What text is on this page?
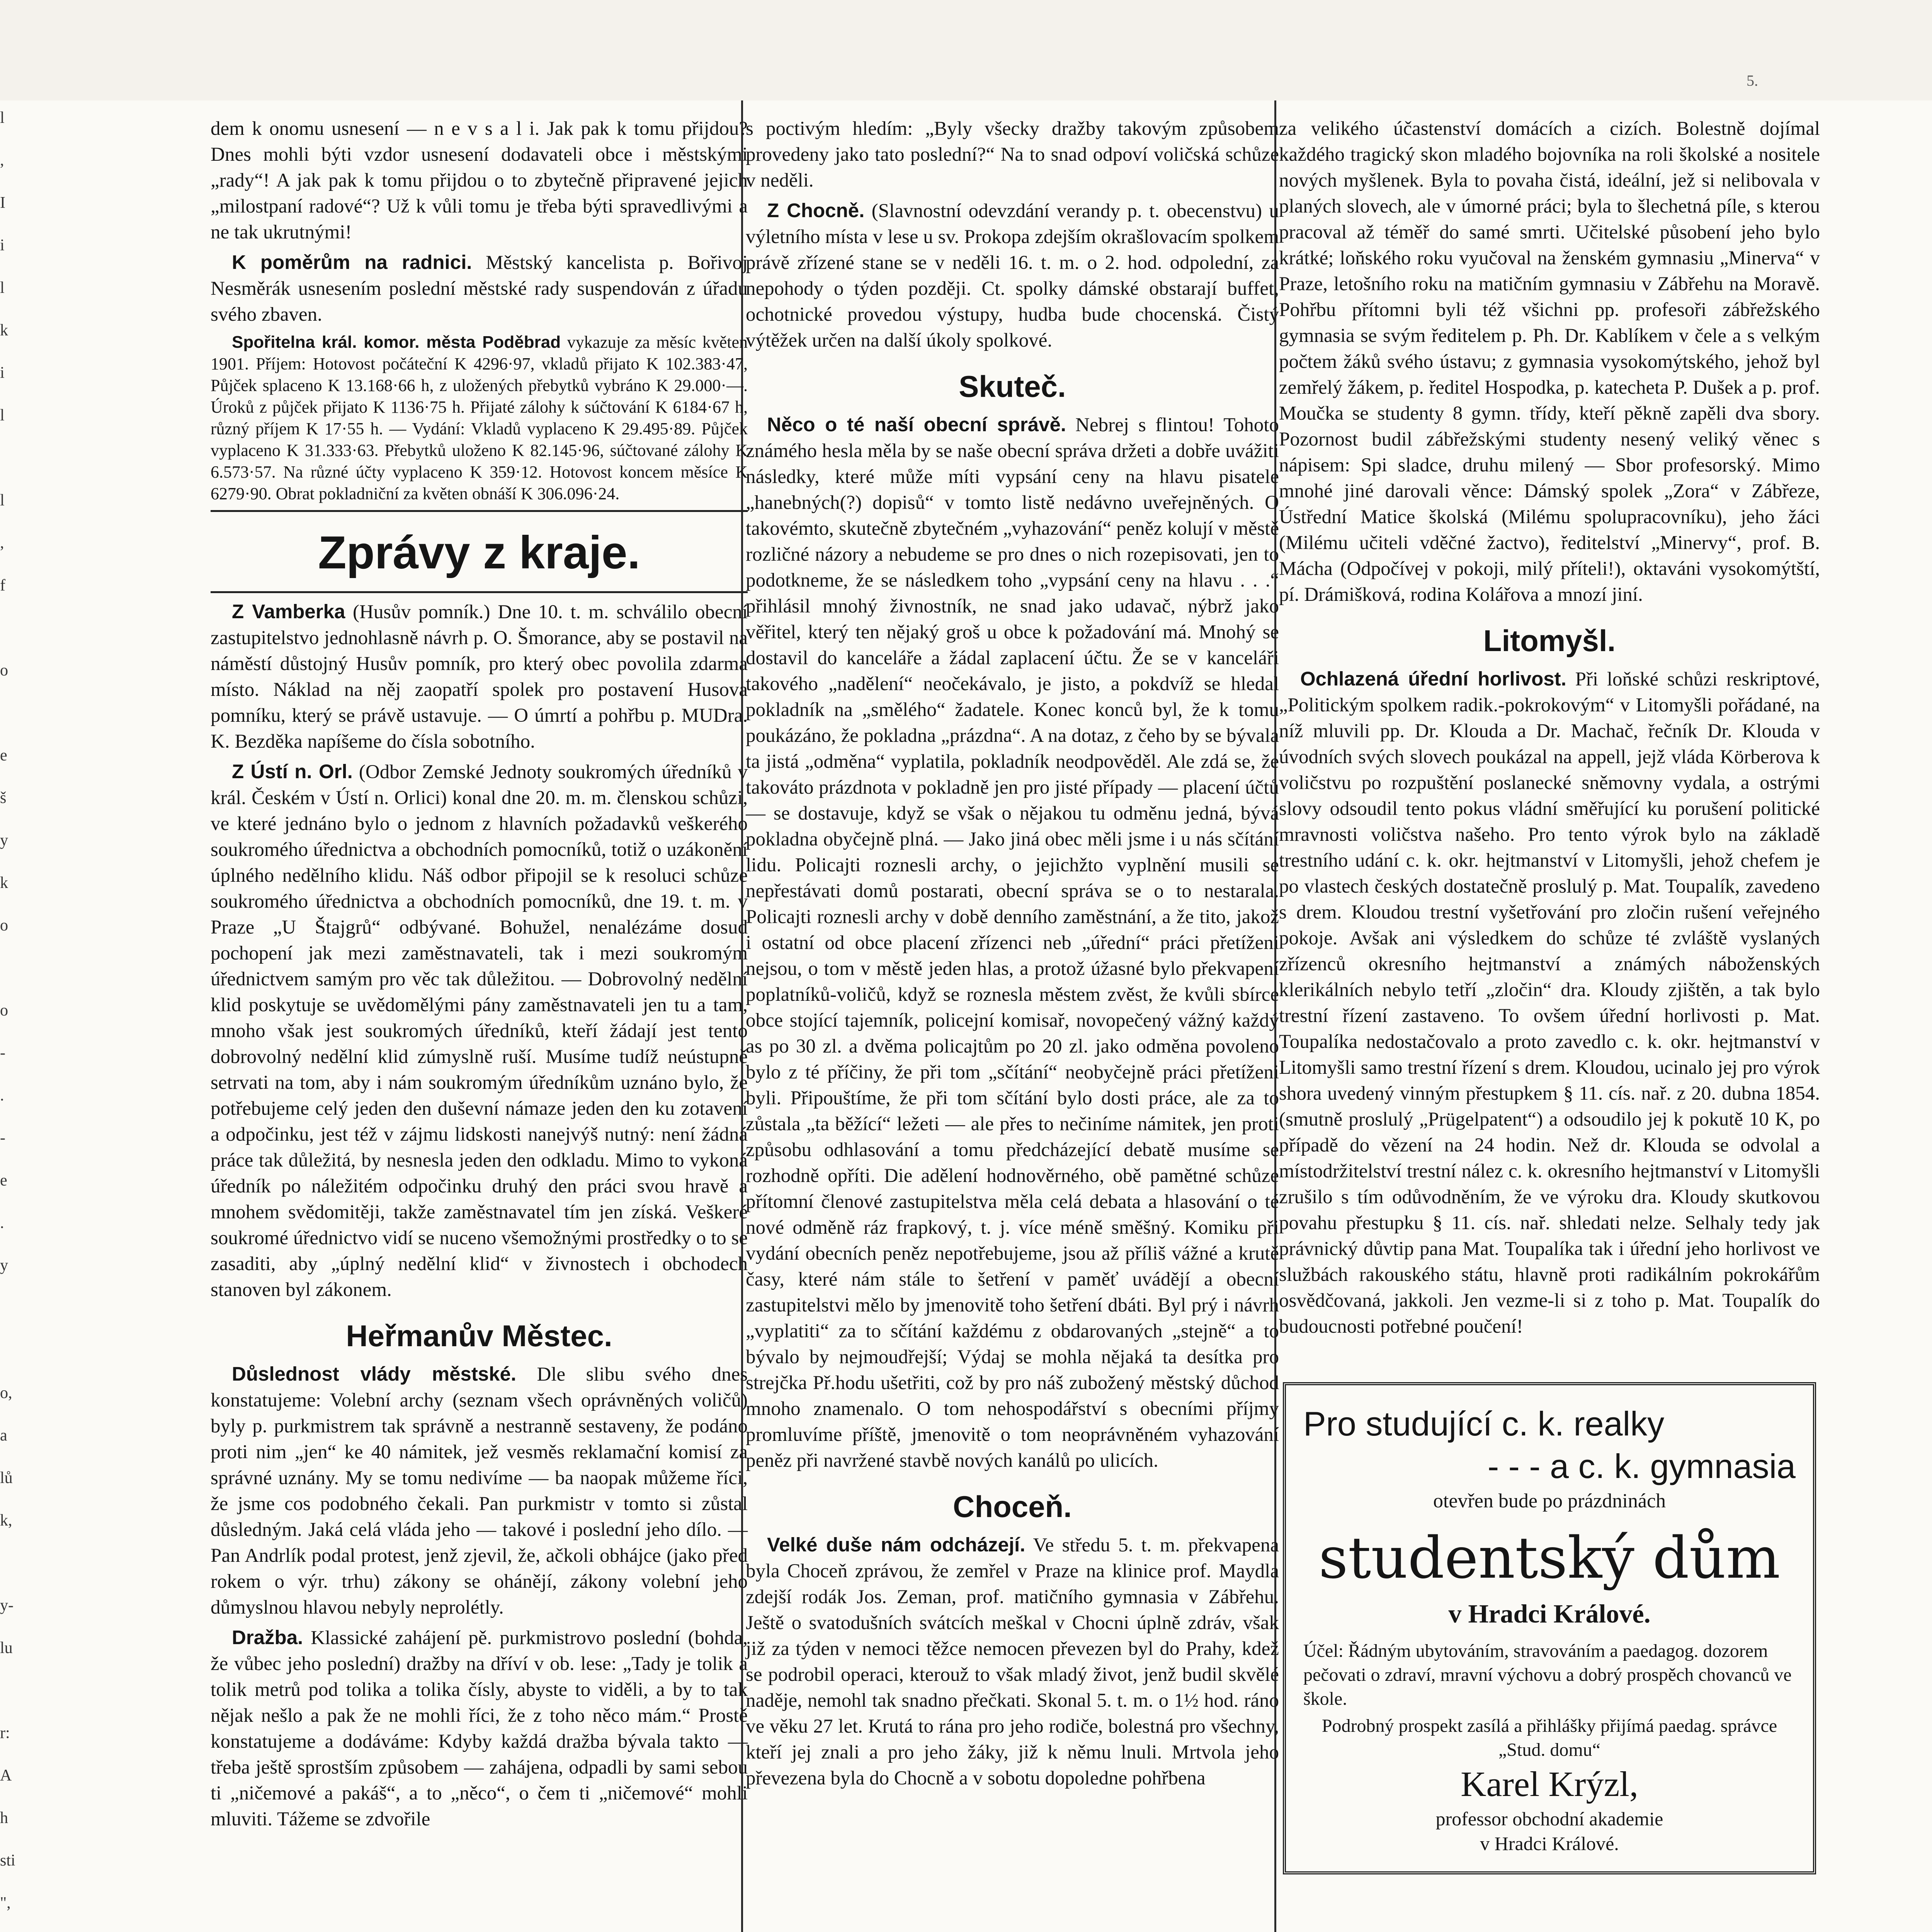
5.
l
,
I
i
l
k
i
l

l
,
f

o

e
š
y
k
o

o
-
.
-
e
.
y

o,
a
lů
k,

y-
lu

r:
A
h
sti
",

dem k onomu usnesení — n e v s a l i. Jak pak k tomu přijdou? Dnes mohli býti vzdor usnesení dodavateli obce i městskými „rady“! A jak pak k tomu přijdou o to zbytečně připravené jejich „milostpaní radové“? Už k vůli tomu je třeba býti spravedlivými a ne tak ukrutnými!

K poměrům na radnici. Městský kancelista p. Bořivoj Nesměrák usnesením poslední městské rady suspendován z úřadu svého zbaven.

Spořitelna král. komor. města Poděbrad vykazuje za měsíc květen 1901. Příjem: Hotovost počáteční K 4296·97, vkladů přijato K 102.383·47, Půjček splaceno K 13.168·66 h, z uložených přebytků vybráno K 29.000·—. Úroků z půjček přijato K 1136·75 h. Přijaté zálohy k súčtování K 6184·67 h, různý příjem K 17·55 h. — Vydání: Vkladů vyplaceno K 29.495·89. Půjček vyplaceno K 31.333·63. Přebytků uloženo K 82.145·96, súčtované zálohy K 6.573·57. Na různé účty vyplaceno K 359·12. Hotovost koncem měsíce K 6279·90. Obrat pokladniční za květen obnáší K 306.096·24.

Zprávy z kraje.

Z Vamberka (Husův pomník.) Dne 10. t. m. schválilo obecní zastupitelstvo jednohlasně návrh p. O. Šmorance, aby se postavil na náměstí důstojný Husův pomník, pro který obec povolila zdarma místo. Náklad na něj zaopatří spolek pro postavení Husova pomníku, který se právě ustavuje. — O úmrtí a pohřbu p. MUDra. K. Bezděka napíšeme do čísla sobotního.

Z Ústí n. Orl. (Odbor Zemské Jednoty soukromých úředníků v král. Českém v Ústí n. Orlici) konal dne 20. m. m. členskou schůzi, ve které jednáno bylo o jednom z hlavních požadavků veškerého soukromého úřednictva a obchodních pomocníků, totiž o uzákonění úplného nedělního klidu. Náš odbor připojil se k resoluci schůze soukromého úřednictva a obchodních pomocníků, dne 19. t. m. v Praze „U Štajgrů“ odbývané. Bohužel, nenalézáme dosud pochopení jak mezi zaměstnavateli, tak i mezi soukromým úřednictvem samým pro věc tak důležitou. — Dobrovolný nedělní klid poskytuje se uvědomělými pány zaměstnavateli jen tu a tam, mnoho však jest soukromých úředníků, kteří žádají jest tento dobrovolný nedělní klid zúmyslně ruší. Musíme tudíž neústupně setrvati na tom, aby i nám soukromým úředníkům uznáno bylo, že potřebujeme celý jeden den duševní námaze jeden den ku zotavení a odpočinku, jest též v zájmu lidskosti nanejvýš nutný: není žádná práce tak důležitá, by nesnesla jeden den odkladu. Mimo to vykoná úředník po náležitém odpočinku druhý den práci svou hravě a mnohem svědomitěji, takže zaměstnavatel tím jen získá. Veškeré soukromé úřednictvo vidí se nuceno všemožnými prostředky o to se zasaditi, aby „úplný nedělní klid“ v živnostech i obchodech stanoven byl zákonem.

Heřmanův Městec.

Důslednost vlády městské. Dle slibu svého dnes konstatujeme: Volební archy (seznam všech oprávněných voličů) byly p. purkmistrem tak správně a nestranně sestaveny, že podáno proti nim „jen“ ke 40 námitek, jež vesměs reklamační komisí za správné uznány. My se tomu nedivíme — ba naopak můžeme říci, že jsme cos podobného čekali. Pan purkmistr v tomto si zůstal důsledným. Jaká celá vláda jeho — takové i poslední jeho dílo. — Pan Andrlík podal protest, jenž zjevil, že, ačkoli obhájce (jako před rokem o výr. trhu) zákony se ohánějí, zákony volební jeho důmyslnou hlavou nebyly neprolétly.

Dražba. Klassické zahájení pě. purkmistrovo poslední (bohda, že vůbec jeho poslední) dražby na dříví v ob. lese: „Tady je tolik a tolik metrů pod tolika a tolika čísly, abyste to viděli, a by to tak nějak nešlo a pak že ne mohli říci, že z toho něco mám.“ Prostě konstatujeme a dodáváme: Kdyby každá dražba bývala takto — třeba ještě sprostším způsobem — zahájena, odpadli by sami sebou ti „ničemové a pakáš“, a to „něco“, o čem ti „ničemové“ mohli mluviti. Tážeme se zdvořile

s poctivým hledím: „Byly všecky dražby takovým způsobem provedeny jako tato poslední?“ Na to snad odpoví voličská schůze v neděli.

Z Chocně. (Slavnostní odevzdání verandy p. t. obecenstvu) u výletního místa v lese u sv. Prokopa zdejším okrašlovacím spolkem právě zřízené stane se v neděli 16. t. m. o 2. hod. odpolední, za nepohody o týden později. Ct. spolky dámské obstarají buffet, ochotnické provedou výstupy, hudba bude chocenská. Čistý výtěžek určen na další úkoly spolkové.

Skuteč.

Něco o té naší obecní správě. Nebrej s flintou! Tohoto známého hesla měla by se naše obecní správa držeti a dobře uvážiti následky, které může míti vypsání ceny na hlavu pisatele „hanebných(?) dopisů“ v tomto listě nedávno uveřejněných. O takovémto, skutečně zbytečném „vyhazování“ peněz kolují v městě rozličné názory a nebudeme se pro dnes o nich rozepisovati, jen to podotkneme, že se následkem toho „vypsání ceny na hlavu . . .“ přihlásil mnohý živnostník, ne snad jako udavač, nýbrž jako věřitel, který ten nějaký groš u obce k požadování má. Mnohý se dostavil do kanceláře a žádal zaplacení účtu. Že se v kanceláři takového „nadělení“ neočekávalo, je jisto, a pokdvíž se hledal pokladník na „smělého“ žadatele. Konec konců byl, že k tomu poukázáno, že pokladna „prázdna“. A na dotaz, z čeho by se bývala ta jistá „odměna“ vyplatila, pokladník neodpověděl. Ale zdá se, že takováto prázdnota v pokladně jen pro jisté případy — placení účtů — se dostavuje, když se však o nějakou tu odměnu jedná, bývá pokladna obyčejně plná. — Jako jiná obec měli jsme i u nás sčítání lidu. Policajti roznesli archy, o jejichžto vyplnění musili se nepřestávati domů postarati, obecní správa se o to nestarala. Policajti roznesli archy v době denního zaměstnání, a že tito, jakož i ostatní od obce placení zřízenci neb „úřední“ práci přetíženi nejsou, o tom v městě jeden hlas, a protož úžasné bylo překvapení poplatníků-voličů, když se roznesla městem zvěst, že kvůli sbírce obce stojící tajemník, policejní komisař, novopečený vážný každý as po 30 zl. a dvěma policajtům po 20 zl. jako odměna povoleno bylo z té příčiny, že při tom „sčítání“ neobyčejně práci přetíženi byli. Připouštíme, že při tom sčítání bylo dosti práce, ale za to zůstala „ta běžící“ ležeti — ale přes to nečiníme námitek, jen proti způsobu odhlasování a tomu předcházející debatě musíme se rozhodně opříti. Die adělení hodnověrného, obě pamětné schůze přítomní členové zastupitelstva měla celá debata a hlasování o té nové odměně ráz frapkový, t. j. více méně směšný. Komiku při vydání obecních peněz nepotřebujeme, jsou až příliš vážné a krutě časy, které nám stále to šetření v paměť uvádějí a obecní zastupitelstvi mělo by jmenovitě toho šetření dbáti. Byl prý i návrh „vyplatiti“ za to sčítání každému z obdarovaných „stejně“ a to bývalo by nejmoudřejší; Výdaj se mohla nějaká ta desítka pro strejčka Př.hodu ušetřiti, což by pro náš zubožený městský důchod mnoho znamenalo. O tom nehospodářství s obecními příjmy promluvíme příště, jmenovitě o tom neoprávněném vyhazování peněz při navržené stavbě nových kanálů po ulicích.

Choceň.

Velké duše nám odcházejí. Ve středu 5. t. m. překvapena byla Choceň zprávou, že zemřel v Praze na klinice prof. Maydla zdejší rodák Jos. Zeman, prof. matičního gymnasia v Zábřehu. Ještě o svatodušních svátcích meškal v Chocni úplně zdráv, však již za týden v nemoci těžce nemocen převezen byl do Prahy, kdež se podrobil operaci, kterouž to však mladý život, jenž budil skvělé naděje, nemohl tak snadno přečkati. Skonal 5. t. m. o 1½ hod. ráno ve věku 27 let. Krutá to rána pro jeho rodiče, bolestná pro všechny, kteří jej znali a pro jeho žáky, již k němu lnuli. Mrtvola jeho převezena byla do Chocně a v sobotu dopoledne pohřbena

za velikého účastenství domácích a cizích. Bolestně dojímal každého tragický skon mladého bojovníka na roli školské a nositele nových myšlenek. Byla to povaha čistá, ideální, jež si nelibovala v planých slovech, ale v úmorné práci; byla to šlechetná píle, s kterou pracoval až téměř do samé smrti. Učitelské působení jeho bylo krátké; loňského roku vyučoval na ženském gymnasiu „Minerva“ v Praze, letošního roku na matičním gymnasiu v Zábřehu na Moravě. Pohřbu přítomni byli též všichni pp. profesoři zábřežského gymnasia se svým ředitelem p. Ph. Dr. Kablíkem v čele a s velkým počtem žáků svého ústavu; z gymnasia vysokomýtského, jehož byl zemřelý žákem, p. ředitel Hospodka, p. katecheta P. Dušek a p. prof. Moučka se studenty 8 gymn. třídy, kteří pěkně zapěli dva sbory. Pozornost budil zábřežskými studenty nesený veliký věnec s nápisem: Spi sladce, druhu milený — Sbor profesorský. Mimo mnohé jiné darovali věnce: Dámský spolek „Zora“ v Zábřeze, Ústřední Matice školská (Milému spolupracovníku), jeho žáci (Milému učiteli vděčné žactvo), ředitelství „Minervy“, prof. B. Mácha (Odpočívej v pokoji, milý příteli!), oktaváni vysokomýtští, pí. Drámišková, rodina Kolářova a mnozí jiní.

Litomyšl.

Ochlazená úřední horlivost. Při loňské schůzi reskriptové, „Politickým spolkem radik.-pokrokovým“ v Litomyšli pořádané, na níž mluvili pp. Dr. Klouda a Dr. Machač, řečník Dr. Klouda v úvodních svých slovech poukázal na appell, jejž vláda Körberova k voličstvu po rozpuštění poslanecké sněmovny vydala, a ostrými slovy odsoudil tento pokus vládní směřující ku porušení politické mravnosti voličstva našeho. Pro tento výrok bylo na základě trestního udání c. k. okr. hejtmanství v Litomyšli, jehož chefem je po vlastech českých dostatečně proslulý p. Mat. Toupalík, zavedeno s drem. Kloudou trestní vyšetřování pro zločin rušení veřejného pokoje. Avšak ani výsledkem do schůze té zvláště vyslaných zřízenců okresního hejtmanství a známých náboženských klerikálních nebylo tetří „zločin“ dra. Kloudy zjištěn, a tak bylo trestní řízení zastaveno. To ovšem úřední horlivosti p. Mat. Toupalíka nedostačovalo a proto zavedlo c. k. okr. hejtmanství v Litomyšli samo trestní řízení s drem. Kloudou, ucinalo jej pro výrok shora uvedený vinným přestupkem § 11. cís. nař. z 20. dubna 1854. (smutně proslulý „Prügelpatent“) a odsoudilo jej k pokutě 10 K, po případě do vězení na 24 hodin. Než dr. Klouda se odvolal a místodržitelství trestní nález c. k. okresního hejtmanství v Litomyšli zrušilo s tím odůvodněním, že ve výroku dra. Kloudy skutkovou povahu přestupku § 11. cís. nař. shledati nelze. Selhaly tedy jak právnický důvtip pana Mat. Toupalíka tak i úřední jeho horlivost ve službách rakouského státu, hlavně proti radikálním pokrokářům osvědčovaná, jakkoli. Jen vezme-li si z toho p. Mat. Toupalík do budoucnosti potřebné poučení!

Pro studující c. k. realky
- - - a c. k. gymnasia
otevřen bude po prázdninách
studentský dům
v Hradci Králové.
Účel: Řádným ubytováním, stravováním a paedagog. dozorem pečovati o zdraví, mravní výchovu a dobrý prospěch chovanců ve škole.
Podrobný prospekt zasílá a přihlášky přijímá paedag. správce „Stud. domu“
Karel Krýzl,
professor obchodní akademie
v Hradci Králové.
